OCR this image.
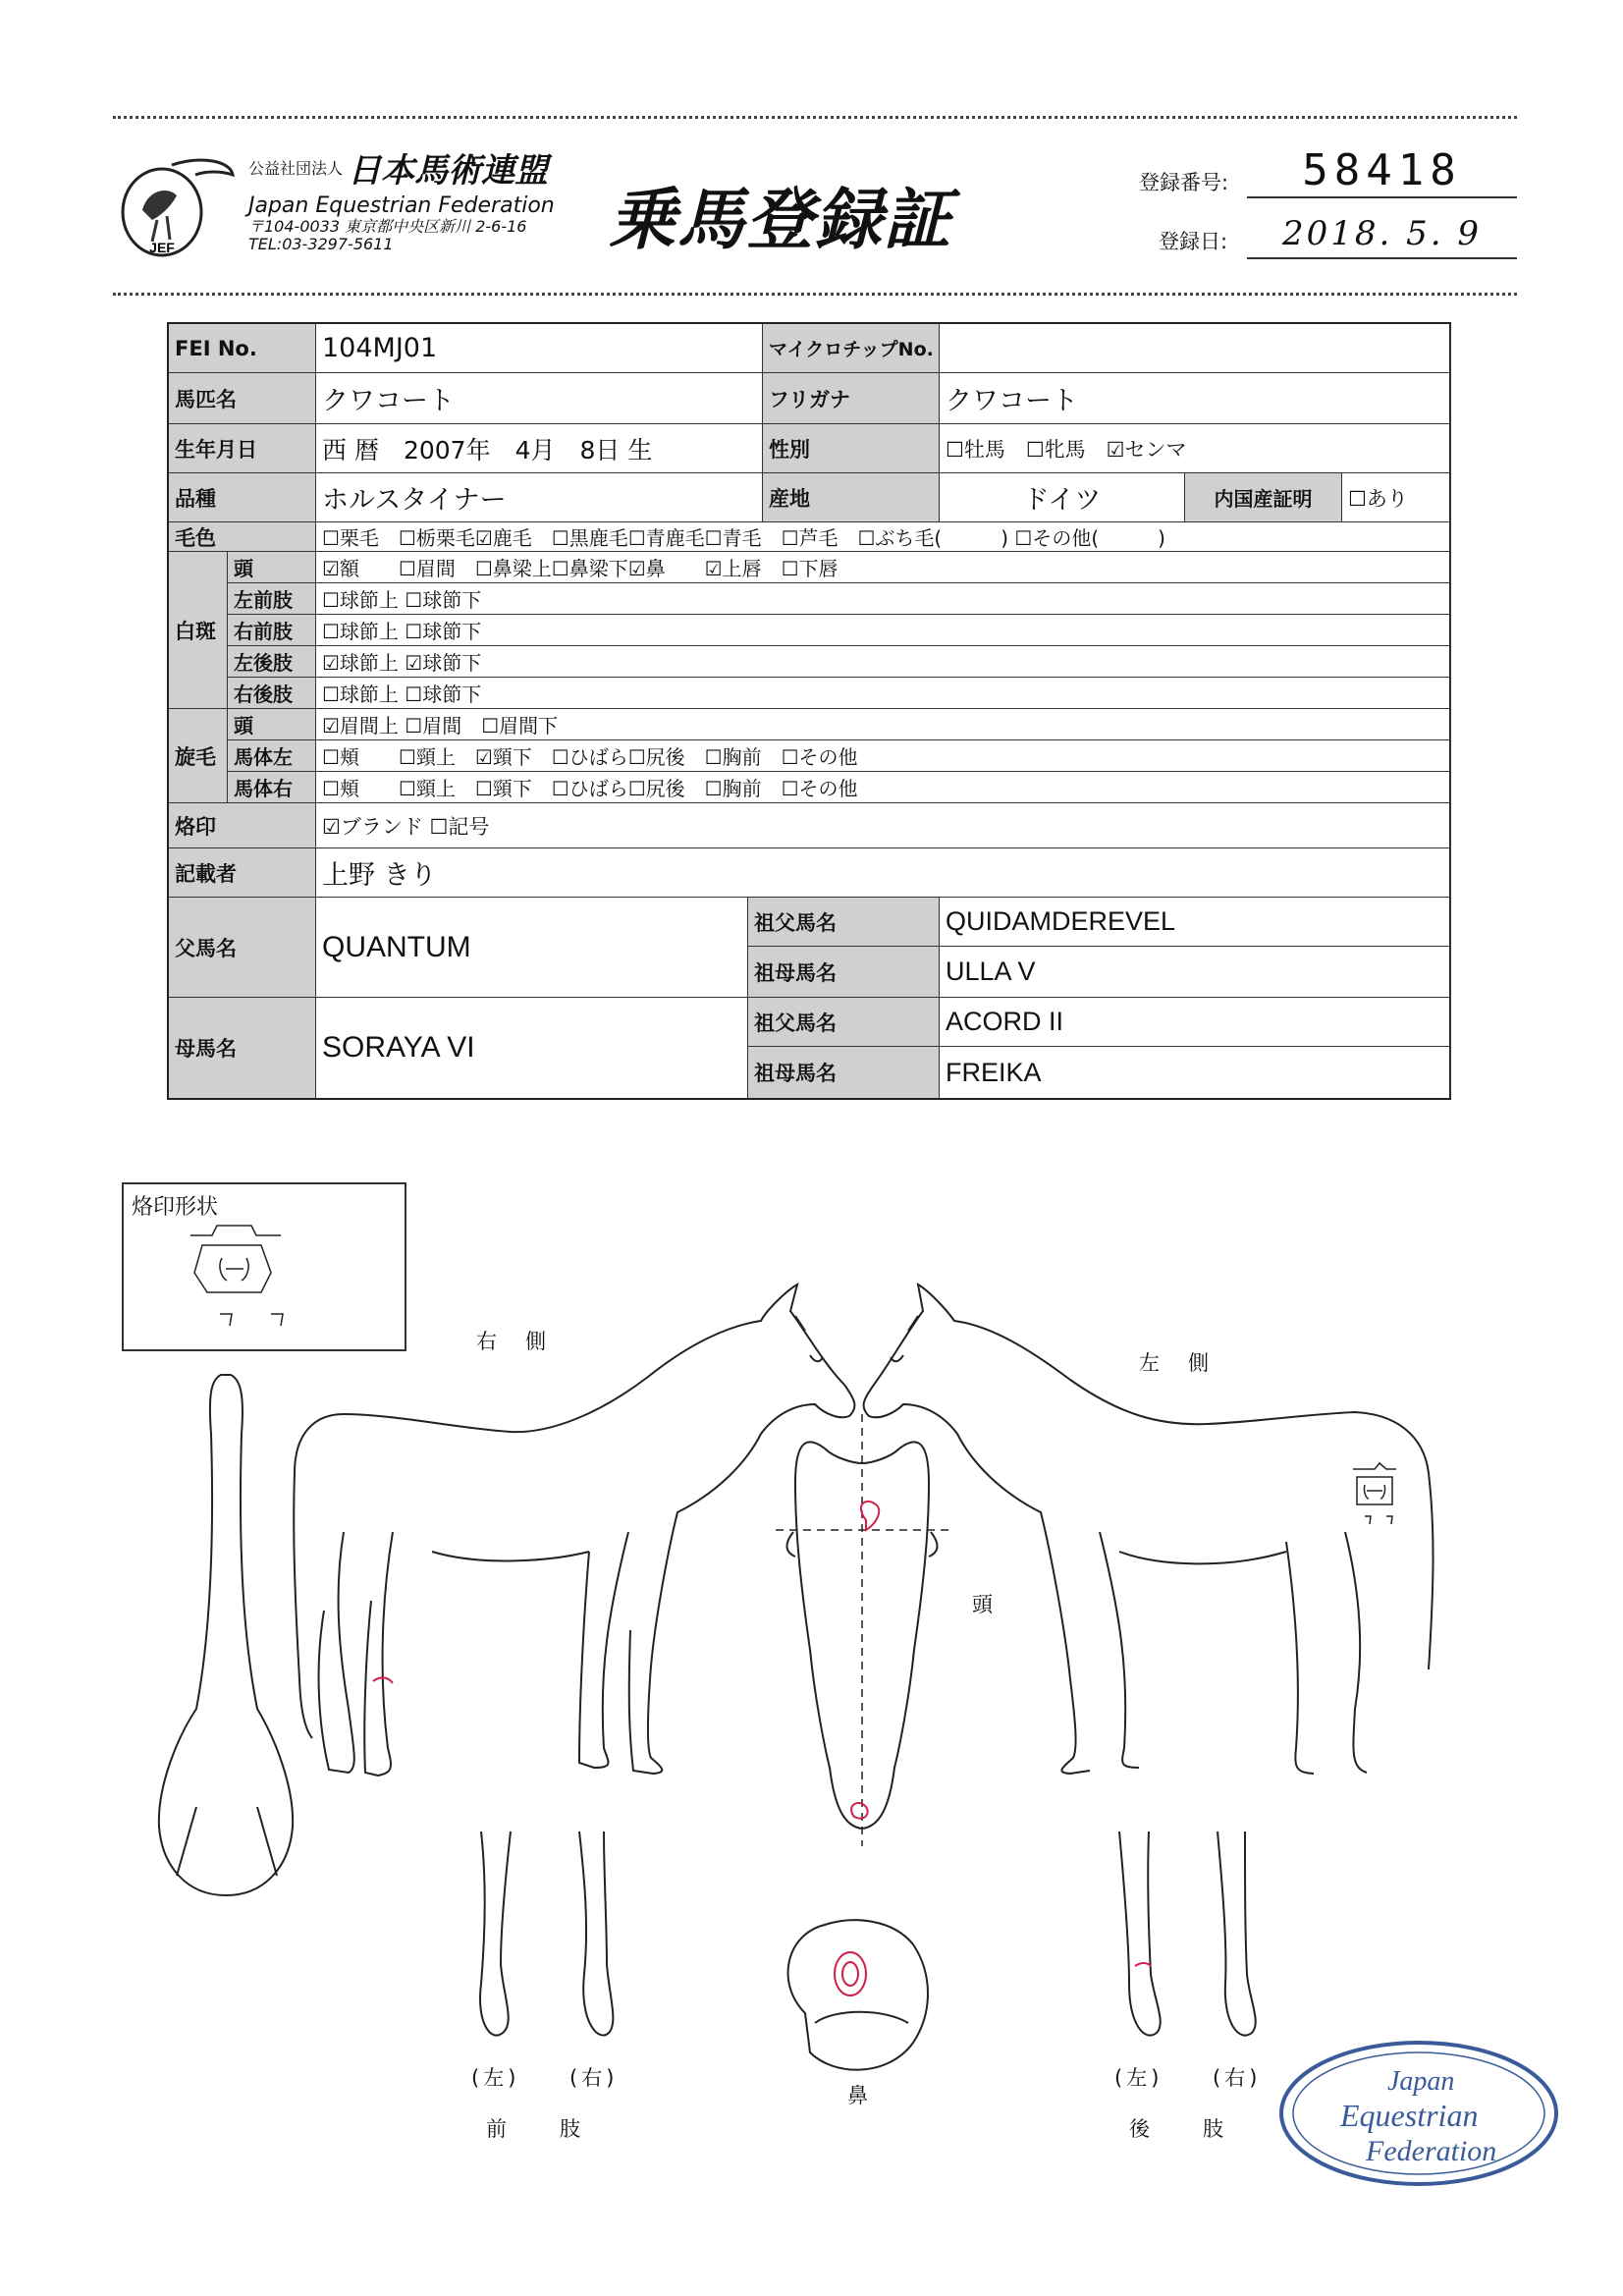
JEF
公益社団法人 日本馬術連盟
Japan Equestrian Federation
〒104-0033 東京都中央区新川 2-6-16
TEL:03-3297-5611	乗馬登録証	登録番号:	58418
登録日:	2018. 5. 9
FEI No.	104MJ01	マイクロチップNo.
馬匹名	クワコート	フリガナ	クワコート
生年月日	西 暦　2007年　4月　8日 生	性別	☐牡馬　☐牝馬　☑センマ
品種	ホルスタイナー	産地	ドイツ	内国産証明	☐あり
毛色	☐栗毛　☐栃栗毛☑鹿毛　☐黒鹿毛☐青鹿毛☐青毛　☐芦毛　☐ぶち毛(　　　) ☐その他(　　　)
白斑
頭	☑額　　☐眉間　☐鼻梁上☐鼻梁下☑鼻　　☑上唇　☐下唇
左前肢	☐球節上 ☐球節下
右前肢	☐球節上 ☐球節下
左後肢	☑球節上 ☑球節下
右後肢	☐球節上 ☐球節下
旋毛
頭	☑眉間上 ☐眉間　☐眉間下
馬体左	☐頬　　☐頸上　☑頸下　☐ひばら☐尻後　☐胸前　☐その他
馬体右	☐頬　　☐頸上　☐頸下　☐ひばら☐尻後　☐胸前　☐その他
烙印	☑ブランド ☐記号
記載者	上野 きり
父馬名	QUANTUM
祖父馬名	QUIDAMDEREVEL
祖母馬名	ULLA V
母馬名	SORAYA VI
祖父馬名	ACORD II
祖母馬名	FREIKA
烙印形状
右　側
左　側
頭
(左) (右)
前　　肢
鼻
(左) (右)
後　　肢
Japan
Equestrian
Federation
